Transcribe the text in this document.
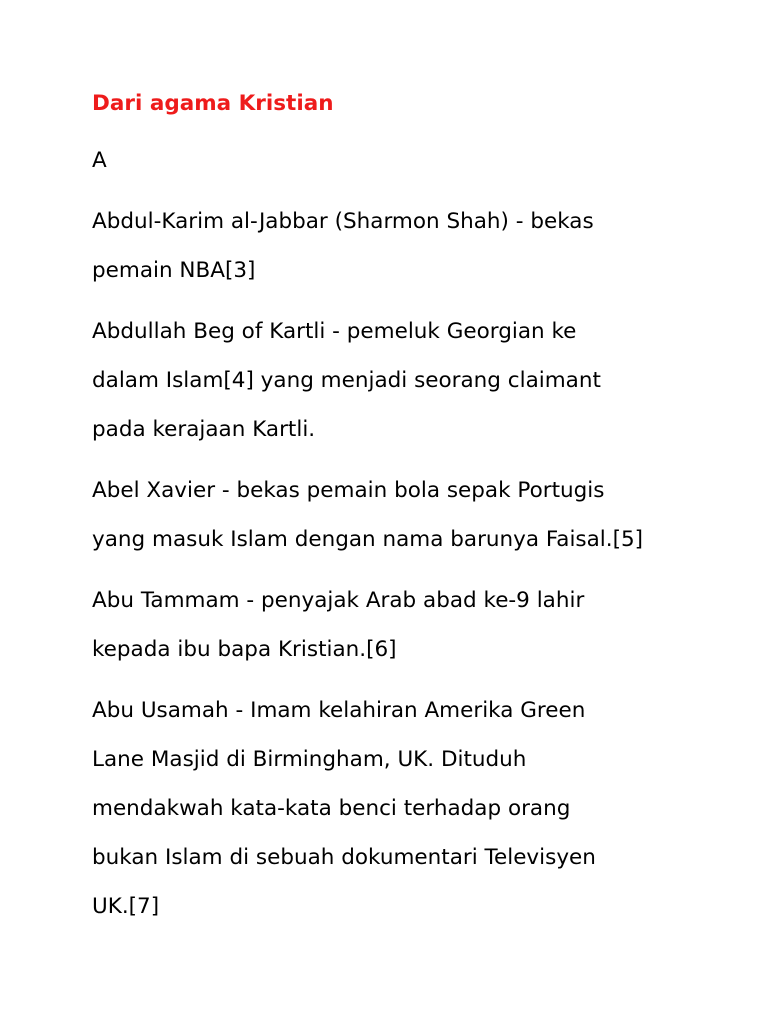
Dari agama Kristian
A
Abdul-Karim al-Jabbar (Sharmon Shah) - bekas
pemain NBA[3]
Abdullah Beg of Kartli - pemeluk Georgian ke
dalam Islam[4] yang menjadi seorang claimant
pada kerajaan Kartli.
Abel Xavier - bekas pemain bola sepak Portugis
yang masuk Islam dengan nama barunya Faisal.[5]
Abu Tammam - penyajak Arab abad ke-9 lahir
kepada ibu bapa Kristian.[6]
Abu Usamah - Imam kelahiran Amerika Green
Lane Masjid di Birmingham, UK. Dituduh
mendakwah kata-kata benci terhadap orang
bukan Islam di sebuah dokumentari Televisyen
UK.[7]
